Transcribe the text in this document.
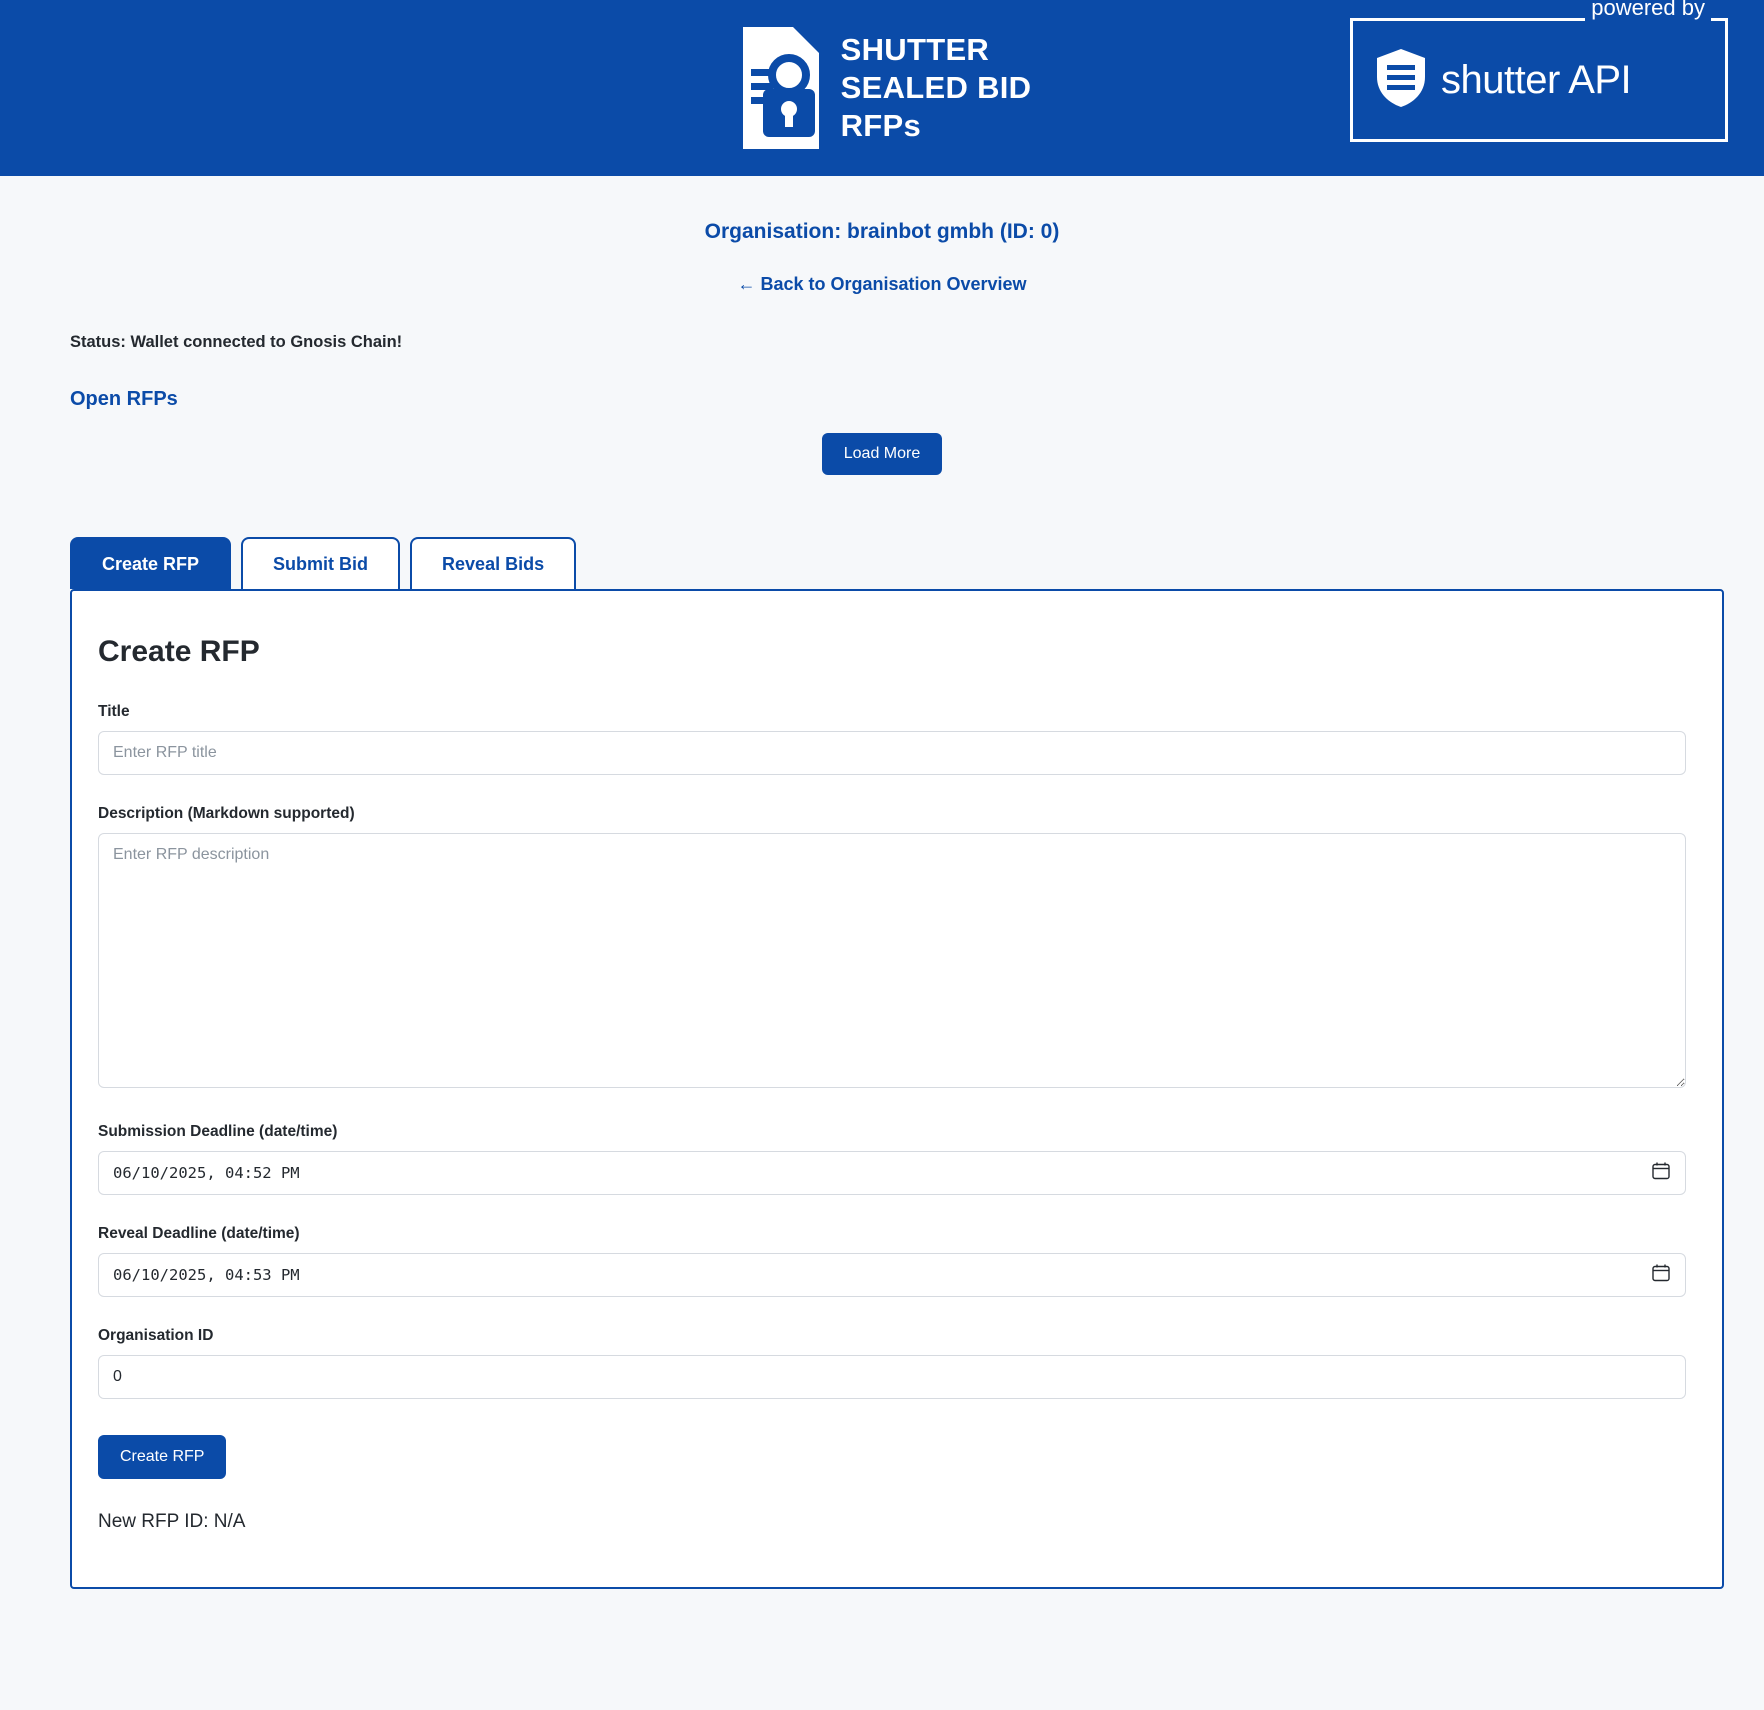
SHUTTER
SEALED BID
RFPs
powered by
shutter API
Organisation: brainbot gmbh (ID: 0)
← Back to Organisation Overview
Status: Wallet connected to Gnosis Chain!
Open RFPs
Load More
Create RFP	Submit Bid	Reveal Bids
Create RFP
Title
Enter RFP title
Description (Markdown supported)
Enter RFP description
Submission Deadline (date/time)
06/10/2025, 04:52 PM
Reveal Deadline (date/time)
06/10/2025, 04:53 PM
Organisation ID
0
Create RFP
New RFP ID: N/A
